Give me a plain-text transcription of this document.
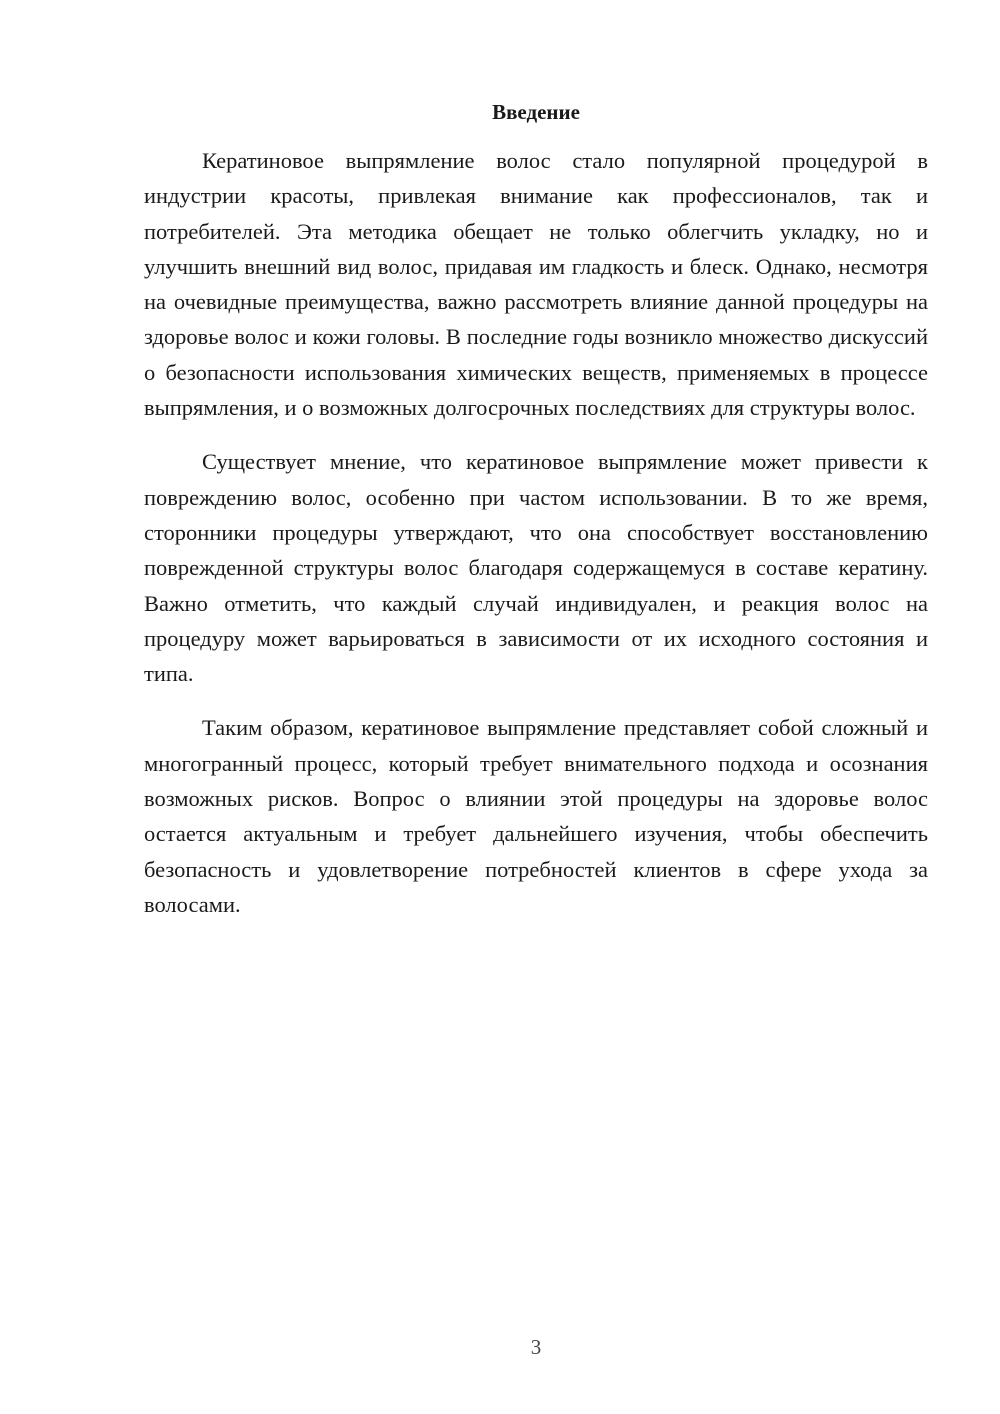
Введение

Кератиновое выпрямление волос стало популярной процедурой в индустрии красоты, привлекая внимание как профессионалов, так и потребителей. Эта методика обещает не только облегчить укладку, но и улучшить внешний вид волос, придавая им гладкость и блеск. Однако, несмотря на очевидные преимущества, важно рассмотреть влияние данной процедуры на здоровье волос и кожи головы. В последние годы возникло множество дискуссий о безопасности использования химических веществ, применяемых в процессе выпрямления, и о возможных долгосрочных последствиях для структуры волос.

Существует мнение, что кератиновое выпрямление может привести к повреждению волос, особенно при частом использовании. В то же время, сторонники процедуры утверждают, что она способствует восстановлению поврежденной структуры волос благодаря содержащемуся в составе кератину. Важно отметить, что каждый случай индивидуален, и реакция волос на процедуру может варьироваться в зависимости от их исходного состояния и типа.

Таким образом, кератиновое выпрямление представляет собой сложный и многогранный процесс, который требует внимательного подхода и осознания возможных рисков. Вопрос о влиянии этой процедуры на здоровье волос остается актуальным и требует дальнейшего изучения, чтобы обеспечить безопасность и удовлетворение потребностей клиентов в сфере ухода за волосами.

3
